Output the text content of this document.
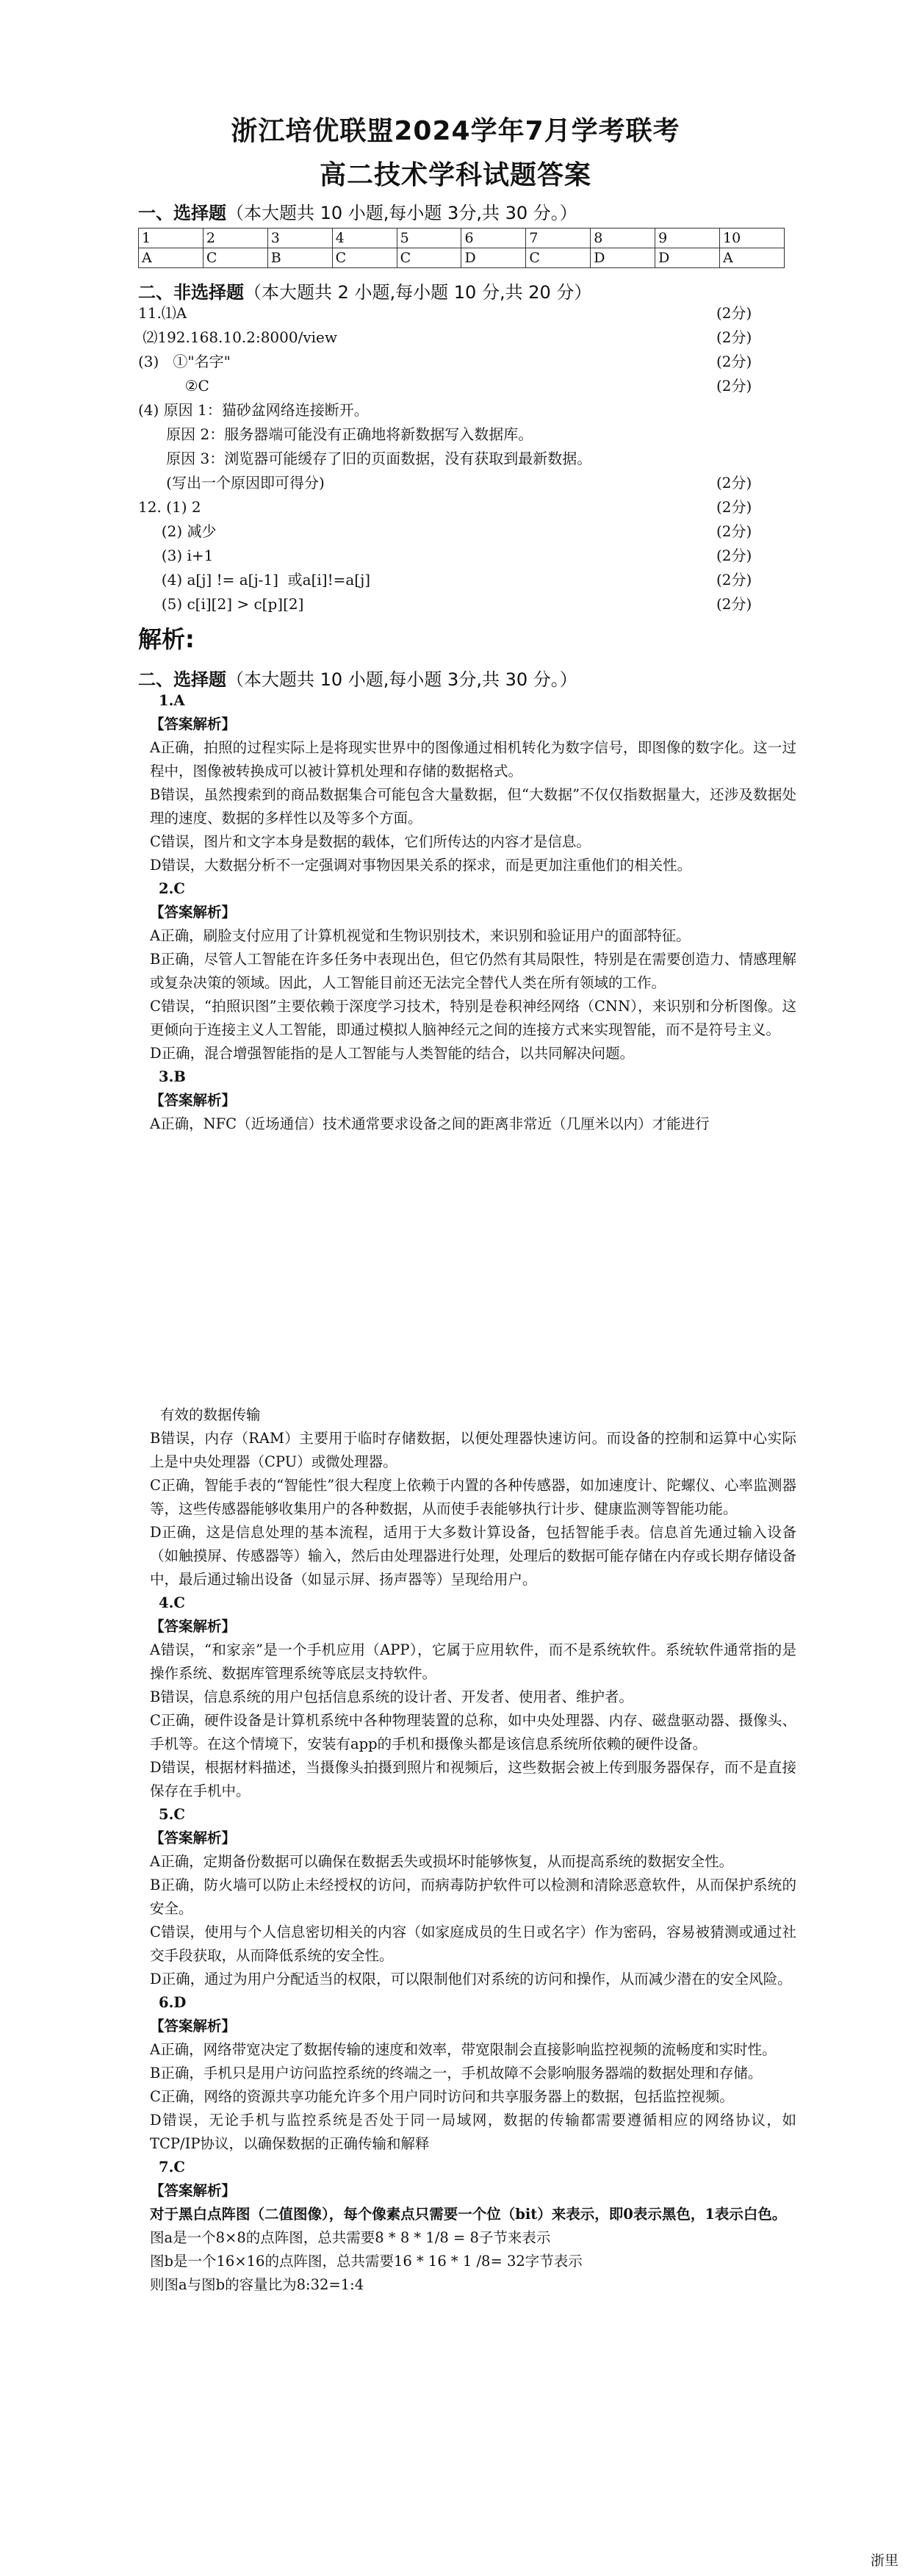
浙江培优联盟2024学年7月学考联考
高二技术学科试题答案
一、选择题（本大题共 10 小题,每小题 3分,共 30 分。）
1	2	3	4	5	6	7	8	9	10
A	C	B	C	C	D	C	D	D	A
二、非选择题（本大题共 2 小题,每小题 10 分,共 20 分）
11.⑴A	(2分)
⑵192.168.10.2:8000/view	(2分)
(3)   ①"名字"	(2分)
②C	(2分)
(4) 原因 1：猫砂盆网络连接断开。
原因 2：服务器端可能没有正确地将新数据写入数据库。
原因 3：浏览器可能缓存了旧的页面数据，没有获取到最新数据。
(写出一个原因即可得分)	(2分)
12. (1) 2	(2分)
(2) 减少	(2分)
(3) i+1	(2分)
(4) a[j] != a[j-1]  或a[i]!=a[j]	(2分)
(5) c[i][2] > c[p][2]	(2分)
解析:
二、选择题（本大题共 10 小题,每小题 3分,共 30 分。）

1.A

【答案解析】

A正确，拍照的过程实际上是将现实世界中的图像通过相机转化为数字信号，即图像的数字化。这一过程中，图像被转换成可以被计算机处理和存储的数据格式。

B错误，虽然搜索到的商品数据集合可能包含大量数据，但“大数据”不仅仅指数据量大，还涉及数据处理的速度、数据的多样性以及等多个方面。

C错误，图片和文字本身是数据的载体，它们所传达的内容才是信息。

D错误，大数据分析不一定强调对事物因果关系的探求，而是更加注重他们的相关性。

2.C

【答案解析】

A正确，刷脸支付应用了计算机视觉和生物识别技术，来识别和验证用户的面部特征。

B正确，尽管人工智能在许多任务中表现出色，但它仍然有其局限性，特别是在需要创造力、情感理解或复杂决策的领域。因此，人工智能目前还无法完全替代人类在所有领域的工作。

C错误，“拍照识图”主要依赖于深度学习技术，特别是卷积神经网络（CNN），来识别和分析图像。这更倾向于连接主义人工智能，即通过模拟人脑神经元之间的连接方式来实现智能，而不是符号主义。

D正确，混合增强智能指的是人工智能与人类智能的结合，以共同解决问题。

3.B

【答案解析】

A正确，NFC（近场通信）技术通常要求设备之间的距离非常近（几厘米以内）才能进行

有效的数据传输

B错误，内存（RAM）主要用于临时存储数据，以便处理器快速访问。而设备的控制和运算中心实际上是中央处理器（CPU）或微处理器。

C正确，智能手表的“智能性”很大程度上依赖于内置的各种传感器，如加速度计、陀螺仪、心率监测器等，这些传感器能够收集用户的各种数据，从而使手表能够执行计步、健康监测等智能功能。

D正确，这是信息处理的基本流程，适用于大多数计算设备，包括智能手表。信息首先通过输入设备（如触摸屏、传感器等）输入，然后由处理器进行处理，处理后的数据可能存储在内存或长期存储设备中，最后通过输出设备（如显示屏、扬声器等）呈现给用户。

4.C

【答案解析】

A错误，“和家亲”是一个手机应用（APP），它属于应用软件，而不是系统软件。系统软件通常指的是操作系统、数据库管理系统等底层支持软件。

B错误，信息系统的用户包括信息系统的设计者、开发者、使用者、维护者。

C正确，硬件设备是计算机系统中各种物理装置的总称，如中央处理器、内存、磁盘驱动器、摄像头、手机等。在这个情境下，安装有app的手机和摄像头都是该信息系统所依赖的硬件设备。

D错误，根据材料描述，当摄像头拍摄到照片和视频后，这些数据会被上传到服务器保存，而不是直接保存在手机中。

5.C

【答案解析】

A正确，定期备份数据可以确保在数据丢失或损坏时能够恢复，从而提高系统的数据安全性。

B正确，防火墙可以防止未经授权的访问，而病毒防护软件可以检测和清除恶意软件，从而保护系统的安全。

C错误，使用与个人信息密切相关的内容（如家庭成员的生日或名字）作为密码，容易被猜测或通过社交手段获取，从而降低系统的安全性。

D正确，通过为用户分配适当的权限，可以限制他们对系统的访问和操作，从而减少潜在的安全风险。

6.D

【答案解析】

A正确，网络带宽决定了数据传输的速度和效率，带宽限制会直接影响监控视频的流畅度和实时性。

B正确，手机只是用户访问监控系统的终端之一，手机故障不会影响服务器端的数据处理和存储。

C正确，网络的资源共享功能允许多个用户同时访问和共享服务器上的数据，包括监控视频。

D错误，无论手机与监控系统是否处于同一局域网，数据的传输都需要遵循相应的网络协议，如TCP/IP协议，以确保数据的正确传输和解释

7.C

【答案解析】

对于黑白点阵图（二值图像），每个像素点只需要一个位（bit）来表示，即0表示黑色，1表示白色。

图a是一个8×8的点阵图，总共需要8 * 8 * 1/8 = 8子节来表示

图b是一个16×16的点阵图，总共需要16 * 16 * 1 /8= 32字节表示

则图a与图b的容量比为8:32=1:4

浙里
